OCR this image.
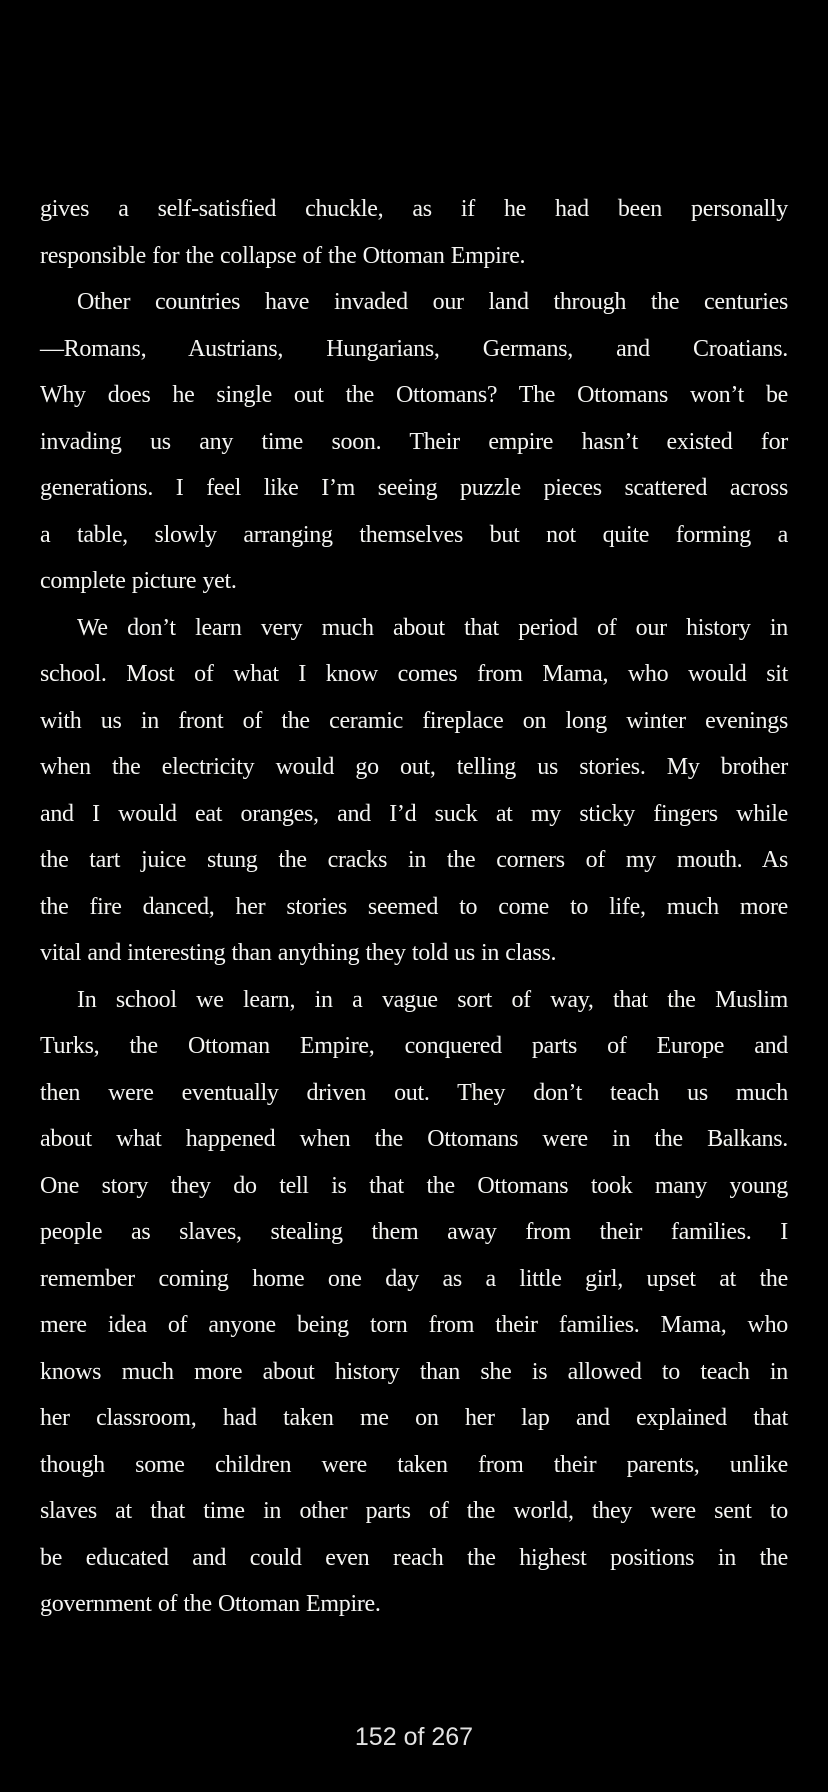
gives a self-satisfied chuckle, as if he had been personally
responsible for the collapse of the Ottoman Empire.
Other countries have invaded our land through the centuries
—Romans, Austrians, Hungarians, Germans, and Croatians.
Why does he single out the Ottomans? The Ottomans won’t be
invading us any time soon. Their empire hasn’t existed for
generations. I feel like I’m seeing puzzle pieces scattered across
a table, slowly arranging themselves but not quite forming a
complete picture yet.
We don’t learn very much about that period of our history in
school. Most of what I know comes from Mama, who would sit
with us in front of the ceramic fireplace on long winter evenings
when the electricity would go out, telling us stories. My brother
and I would eat oranges, and I’d suck at my sticky fingers while
the tart juice stung the cracks in the corners of my mouth. As
the fire danced, her stories seemed to come to life, much more
vital and interesting than anything they told us in class.
In school we learn, in a vague sort of way, that the Muslim
Turks, the Ottoman Empire, conquered parts of Europe and
then were eventually driven out. They don’t teach us much
about what happened when the Ottomans were in the Balkans.
One story they do tell is that the Ottomans took many young
people as slaves, stealing them away from their families. I
remember coming home one day as a little girl, upset at the
mere idea of anyone being torn from their families. Mama, who
knows much more about history than she is allowed to teach in
her classroom, had taken me on her lap and explained that
though some children were taken from their parents, unlike
slaves at that time in other parts of the world, they were sent to
be educated and could even reach the highest positions in the
government of the Ottoman Empire.
152 of 267
